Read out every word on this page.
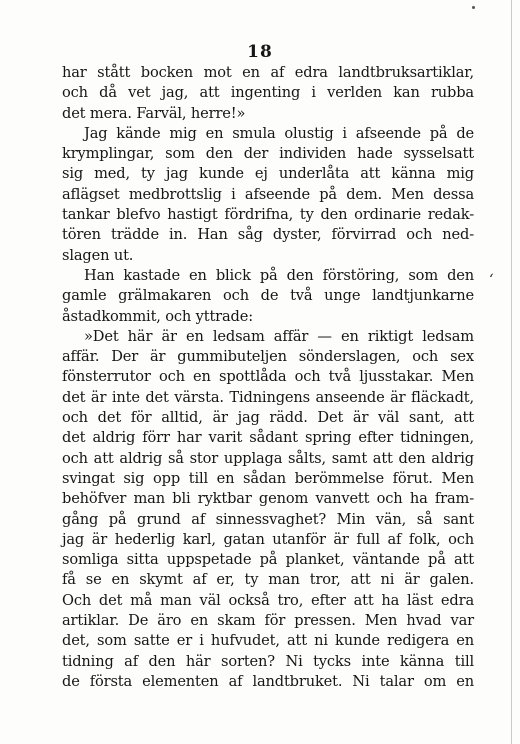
18
ʻ
har stått bocken mot en af edra landtbruksartiklar,
och då vet jag, att ingenting i verlden kan rubba
det mera. Farväl, herre!»
Jag kände mig en smula olustig i afseende på de
krymplingar, som den der individen hade sysselsatt
sig med, ty jag kunde ej underlåta att känna mig
aflägset medbrottslig i afseende på dem. Men dessa
tankar blefvo hastigt fördrifna, ty den ordinarie redak-
tören trädde in. Han såg dyster, förvirrad och ned-
slagen ut.
Han kastade en blick på den förstöring, som den
gamle grälmakaren och de två unge landtjunkarne
åstadkommit, och yttrade:
»Det här är en ledsam affär — en riktigt ledsam
affär. Der är gummibuteljen sönderslagen, och sex
fönsterrutor och en spottlåda och två ljusstakar. Men
det är inte det värsta. Tidningens anseende är fläckadt,
och det för alltid, är jag rädd. Det är väl sant, att
det aldrig förr har varit sådant spring efter tidningen,
och att aldrig så stor upplaga sålts, samt att den aldrig
svingat sig opp till en sådan berömmelse förut. Men
behöfver man bli ryktbar genom vanvett och ha fram-
gång på grund af sinnessvaghet? Min vän, så sant
jag är hederlig karl, gatan utanför är full af folk, och
somliga sitta uppspetade på planket, väntande på att
få se en skymt af er, ty man tror, att ni är galen.
Och det må man väl också tro, efter att ha läst edra
artiklar. De äro en skam för pressen. Men hvad var
det, som satte er i hufvudet, att ni kunde redigera en
tidning af den här sorten? Ni tycks inte känna till
de första elementen af landtbruket. Ni talar om en
